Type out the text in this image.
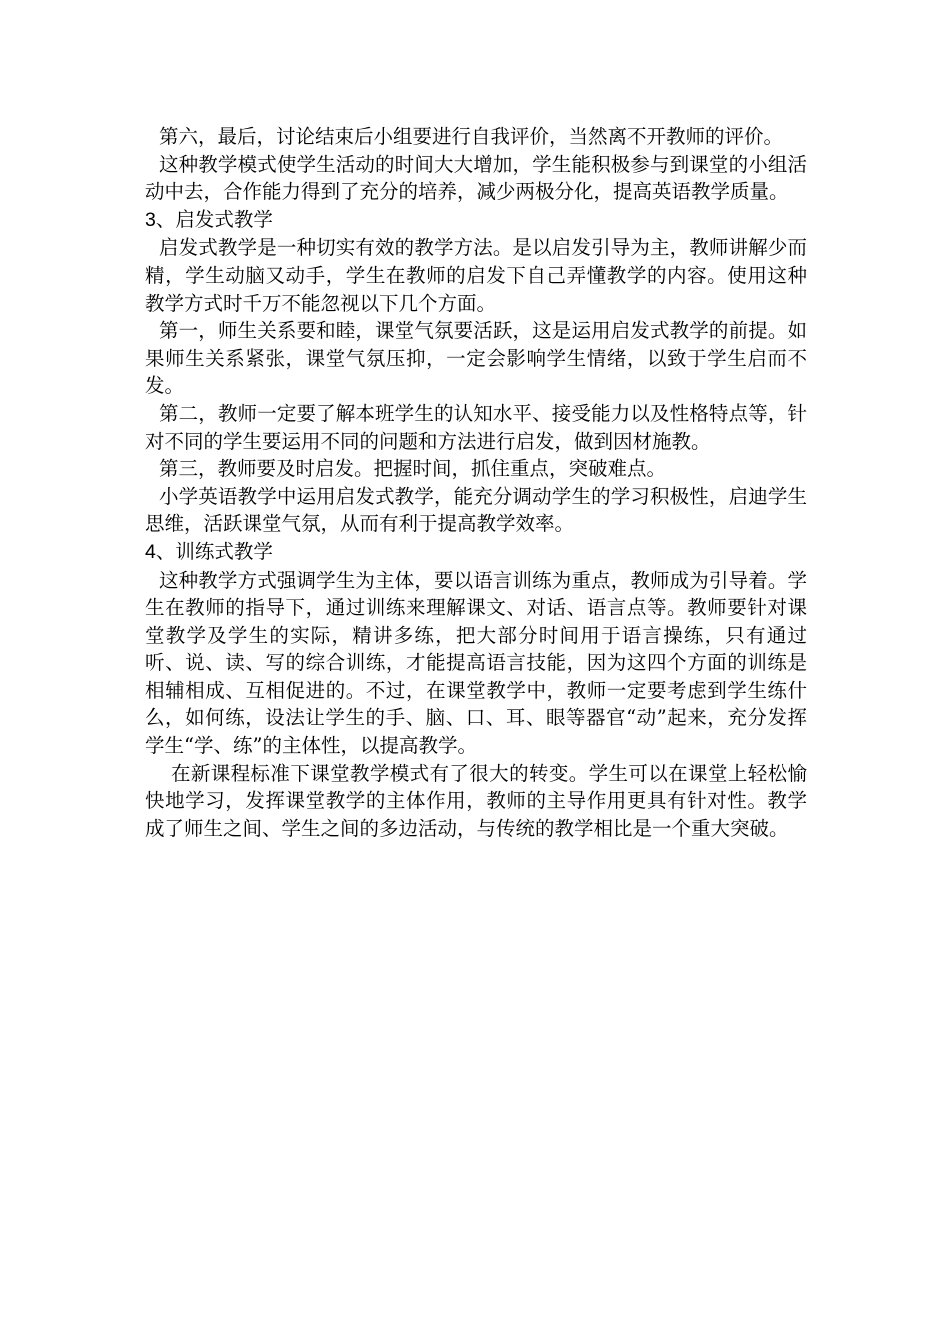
第六，最后，讨论结束后小组要进行自我评价，当然离不开教师的评价。

这种教学模式使学生活动的时间大大增加，学生能积极参与到课堂的小组活动中去，合作能力得到了充分的培养，减少两极分化，提高英语教学质量。

3、启发式教学

启发式教学是一种切实有效的教学方法。是以启发引导为主，教师讲解少而精，学生动脑又动手，学生在教师的启发下自己弄懂教学的内容。使用这种教学方式时千万不能忽视以下几个方面。

第一，师生关系要和睦，课堂气氛要活跃，这是运用启发式教学的前提。如果师生关系紧张，课堂气氛压抑，一定会影响学生情绪，以致于学生启而不发。

第二，教师一定要了解本班学生的认知水平、接受能力以及性格特点等，针对不同的学生要运用不同的问题和方法进行启发，做到因材施教。

第三，教师要及时启发。把握时间，抓住重点，突破难点。

小学英语教学中运用启发式教学，能充分调动学生的学习积极性，启迪学生思维，活跃课堂气氛，从而有利于提高教学效率。

4、训练式教学

这种教学方式强调学生为主体，要以语言训练为重点，教师成为引导着。学生在教师的指导下，通过训练来理解课文、对话、语言点等。教师要针对课堂教学及学生的实际，精讲多练，把大部分时间用于语言操练，只有通过听、说、读、写的综合训练，才能提高语言技能，因为这四个方面的训练是相辅相成、互相促进的。不过，在课堂教学中，教师一定要考虑到学生练什么，如何练，设法让学生的手、脑、口、耳、眼等器官“动”起来，充分发挥学生“学、练”的主体性，以提高教学。

在新课程标准下课堂教学模式有了很大的转变。学生可以在课堂上轻松愉快地学习，发挥课堂教学的主体作用，教师的主导作用更具有针对性。教学成了师生之间、学生之间的多边活动，与传统的教学相比是一个重大突破。
